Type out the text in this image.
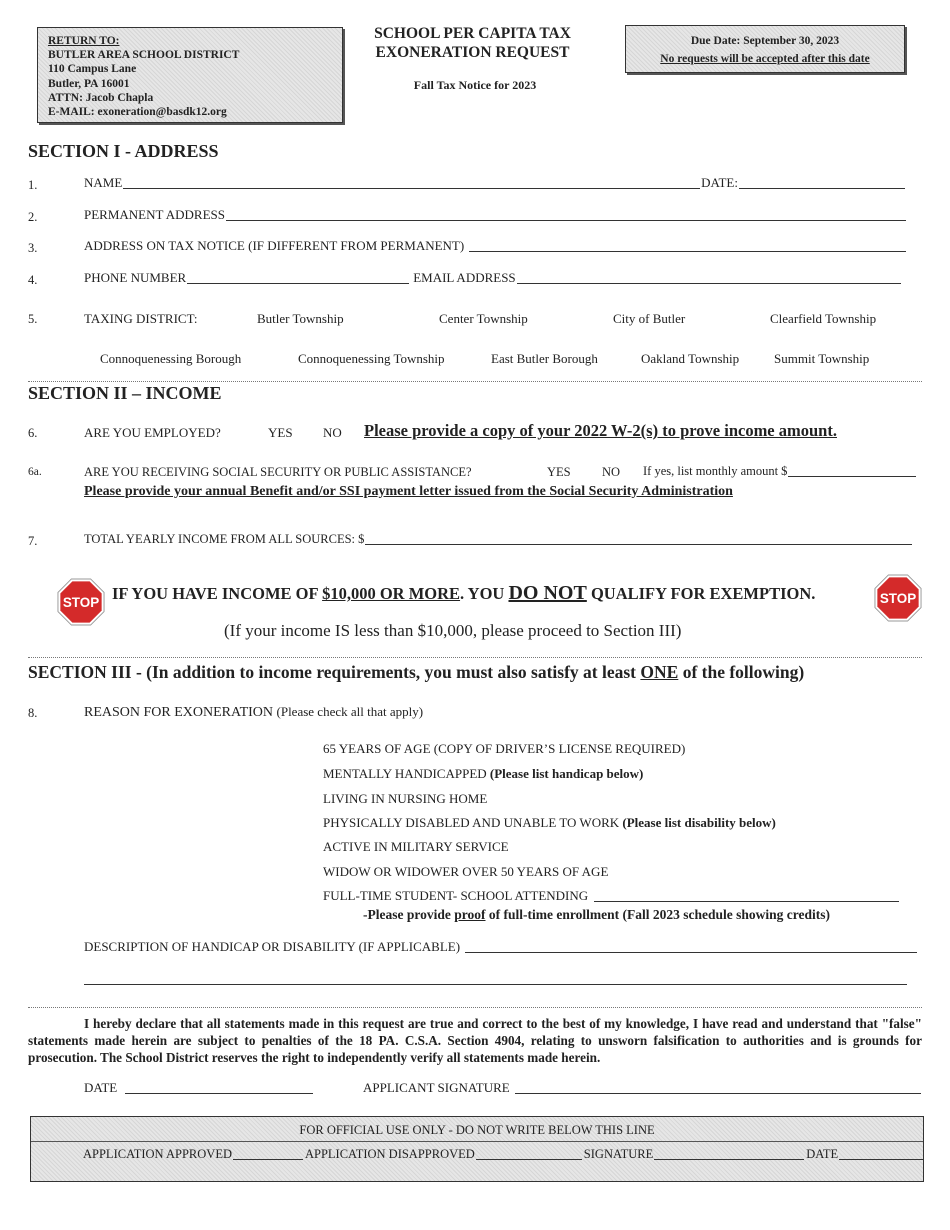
RETURN TO:
BUTLER AREA SCHOOL DISTRICT
110 Campus Lane
Butler, PA 16001
ATTN: Jacob Chapla
E-MAIL: exoneration@basdk12.org
SCHOOL PER CAPITA TAX
EXONERATION REQUEST
Fall Tax Notice for 2023
Due Date: September 30, 2023
No requests will be accepted after this date
SECTION I - ADDRESS
1.	NAME	DATE:
2.	PERMANENT ADDRESS
3.	ADDRESS ON TAX NOTICE (IF DIFFERENT FROM PERMANENT)
4.	PHONE NUMBER	EMAIL ADDRESS
5.	TAXING DISTRICT:	Butler Township	Center Township	City of Butler	Clearfield Township
Connoquenessing Borough	Connoquenessing Township	East Butler Borough	Oakland Township	Summit Township
SECTION II – INCOME
6.	ARE YOU EMPLOYED?	YES NO Please provide a copy of your 2022 W-2(s) to prove income amount.
6a.	ARE YOU RECEIVING SOCIAL SECURITY OR PUBLIC ASSISTANCE?	YES	NO If yes, list monthly amount $
Please provide your annual Benefit and/or SSI payment letter issued from the Social Security Administration
7.	TOTAL YEARLY INCOME FROM ALL SOURCES: $
STOP	STOP
IF YOU HAVE INCOME OF $10,000 OR MORE. YOU DO NOT QUALIFY FOR EXEMPTION.
(If your income IS less than $10,000, please proceed to Section III)
SECTION III - (In addition to income requirements, you must also satisfy at least ONE of the following)
8.	REASON FOR EXONERATION (Please check all that apply)
65 YEARS OF AGE (COPY OF DRIVER’S LICENSE REQUIRED)
MENTALLY HANDICAPPED (Please list handicap below)
LIVING IN NURSING HOME
PHYSICALLY DISABLED AND UNABLE TO WORK (Please list disability below)
ACTIVE IN MILITARY SERVICE
WIDOW OR WIDOWER OVER 50 YEARS OF AGE
FULL-TIME STUDENT- SCHOOL ATTENDING
-Please provide proof of full-time enrollment (Fall 2023 schedule showing credits)
DESCRIPTION OF HANDICAP OR DISABILITY (IF APPLICABLE)
I hereby declare that all statements made in this request are true and correct to the best of my knowledge, I have read and understand that "false" statements made herein are subject to penalties of the 18 PA. C.S.A. Section 4904, relating to unsworn falsification to authorities and is grounds for prosecution. The School District reserves the right to independently verify all statements made herein.
DATE	APPLICANT SIGNATURE
FOR OFFICIAL USE ONLY - DO NOT WRITE BELOW THIS LINE
APPLICATION APPROVED	APPLICATION DISAPPROVED	SIGNATURE	DATE
